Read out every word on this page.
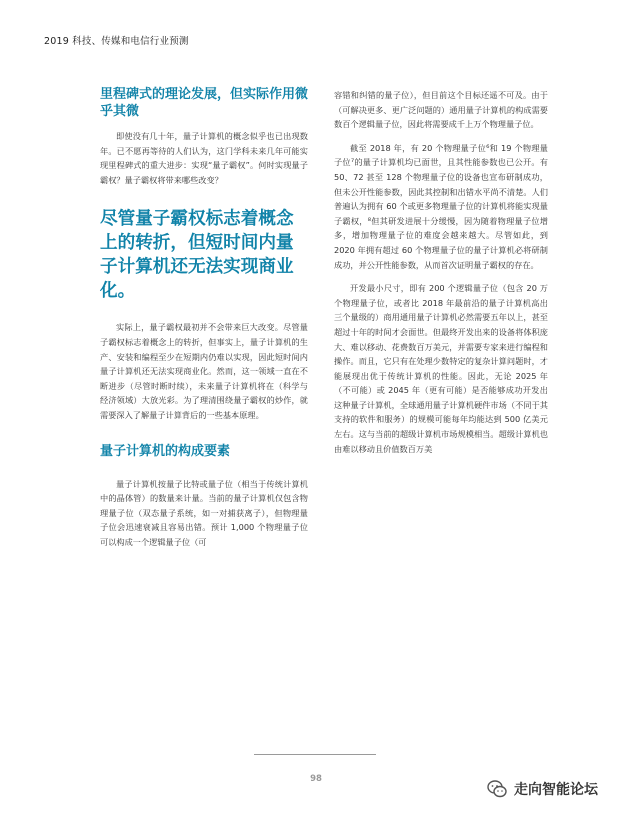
2019 科技、传媒和电信行业预测
里程碑式的理论发展，但实际作用微乎其微

即使没有几十年，量子计算机的概念似乎也已出现数年。已不愿再等待的人们认为，这门学科未来几年可能实现里程碑式的重大进步：实现“量子霸权”。何时实现量子霸权？量子霸权将带来哪些改变？

尽管量子霸权标志着概念上的转折，但短时间内量子计算机还无法实现商业化。

实际上，量子霸权最初并不会带来巨大改变。尽管量子霸权标志着概念上的转折，但事实上，量子计算机的生产、安装和编程至少在短期内仍难以实现，因此短时间内量子计算机还无法实现商业化。然而，这一领域一直在不断进步（尽管时断时续），未来量子计算机将在（科学与经济领域）大放光彩。为了理清围绕量子霸权的炒作，就需要深入了解量子计算背后的一些基本原理。

量子计算机的构成要素

量子计算机按量子比特或量子位（相当于传统计算机中的晶体管）的数量来计量。当前的量子计算机仅包含物理量子位（双态量子系统，如一对捕获离子），但物理量子位会迅速衰减且容易出错。预计 1,000 个物理量子位可以构成一个逻辑量子位（可

容错和纠错的量子位），但目前这个目标还遥不可及。由于（可解决更多、更广泛问题的）通用量子计算机的构成需要数百个逻辑量子位，因此将需要成千上万个物理量子位。

截至 2018 年，有 20 个物理量子位⁶和 19 个物理量子位⁷的量子计算机均已面世，且其性能参数也已公开。有 50、72 甚至 128 个物理量子位的设备也宣布研制成功，但未公开性能参数，因此其控制和出错水平尚不清楚。人们普遍认为拥有 60 个或更多物理量子位的计算机将能实现量子霸权，⁸但其研发进展十分缓慢，因为随着物理量子位增多，增加物理量子位的难度会越来越大。尽管如此，到 2020 年拥有超过 60 个物理量子位的量子计算机必将研制成功，并公开性能参数，从而首次证明量子霸权的存在。

开发最小尺寸，即有 200 个逻辑量子位（包含 20 万个物理量子位，或者比 2018 年最前沿的量子计算机高出三个量级的）商用通用量子计算机必然需要五年以上，甚至超过十年的时间才会面世。但最终开发出来的设备将体积庞大、难以移动、花费数百万美元，并需要专家来进行编程和操作。而且，它只有在处理少数特定的复杂计算问题时，才能展现出优于传统计算机的性能。因此，无论 2025 年（不可能）或 2045 年（更有可能）是否能够成功开发出这种量子计算机，全球通用量子计算机硬件市场（不同于其支持的软件和服务）的规模可能每年均能达到 500 亿美元左右。这与当前的超级计算机市场规模相当。超级计算机也由难以移动且价值数百万美

98
走向智能论坛
